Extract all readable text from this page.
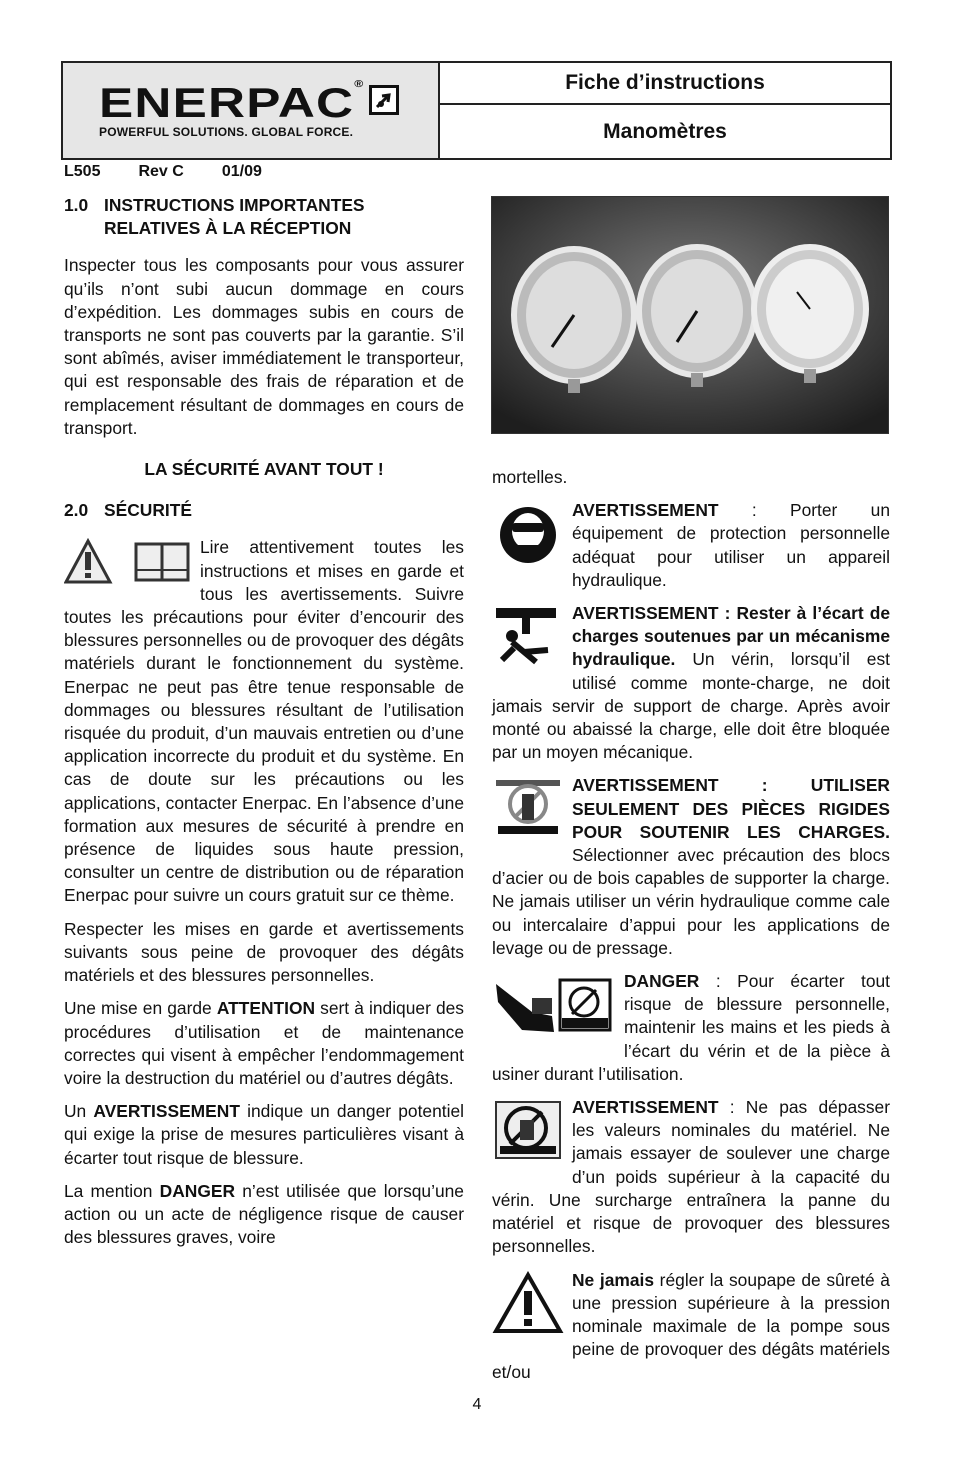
ENERPAC®
POWERFUL SOLUTIONS. GLOBAL FORCE.
Fiche d’instructions
Manomètres
L505 Rev C 01/09
1.0 INSTRUCTIONS IMPORTANTES RELATIVES À LA RÉCEPTION

Inspecter tous les composants pour vous assurer qu’ils n’ont subi aucun dommage en cours d’expédition. Les dommages subis en cours de transports ne sont pas couverts par la garantie. S’il sont abîmés, aviser immédiatement le transporteur, qui est responsable des frais de réparation et de remplacement résultant de dommages en cours de transport.

LA SÉCURITÉ AVANT TOUT !
2.0 SÉCURITÉ

Lire attentivement toutes les instructions et mises en garde et tous les avertissements. Suivre toutes les précautions pour éviter d’encourir des blessures personnelles ou de provoquer des dégâts matériels durant le fonctionnement du système. Enerpac ne peut pas être tenue responsable de dommages ou blessures résultant de l’utilisation risquée du produit, d’un mauvais entretien ou d’une application incorrecte du produit et du système. En cas de doute sur les précautions ou les applications, contacter Enerpac. En l’absence d’une formation aux mesures de sécurité à prendre en présence de liquides sous haute pression, consulter un centre de distribution ou de réparation Enerpac pour suivre un cours gratuit sur ce thème.

Respecter les mises en garde et avertissements suivants sous peine de provoquer des dégâts matériels et des blessures personnelles.

Une mise en garde ATTENTION sert à indiquer des procédures d’utilisation et de maintenance correctes qui visent à empêcher l’endommagement voire la destruction du matériel ou d’autres dégâts.

Un AVERTISSEMENT indique un danger potentiel qui exige la prise de mesures particulières visant à écarter tout risque de blessure.

La mention DANGER n’est utilisée que lorsqu’une action ou un acte de négligence risque de causer des blessures graves, voire

mortelles.

AVERTISSEMENT : Porter un équipement de protection personnelle adéquat pour utiliser un appareil hydraulique.

AVERTISSEMENT : Rester à l’écart de charges soutenues par un mécanisme hydraulique. Un vérin, lorsqu’il est utilisé comme monte-charge, ne doit jamais servir de support de charge. Après avoir monté ou abaissé la charge, elle doit être bloquée par un moyen mécanique.

AVERTISSEMENT : UTILISER SEULEMENT DES PIÈCES RIGIDES POUR SOUTENIR LES CHARGES. Sélectionner avec précaution des blocs d’acier ou de bois capables de supporter la charge. Ne jamais utiliser un vérin hydraulique comme cale ou intercalaire d’appui pour les applications de levage ou de pressage.

DANGER : Pour écarter tout risque de blessure personnelle, maintenir les mains et les pieds à l’écart du vérin et de la pièce à usiner durant l’utilisation.

AVERTISSEMENT : Ne pas dépasser les valeurs nominales du matériel. Ne jamais essayer de soulever une charge d’un poids supérieur à la capacité du vérin. Une surcharge entraînera la panne du matériel et risque de provoquer des blessures personnelles.

Ne jamais régler la soupape de sûreté à une pression supérieure à la pression nominale maximale de la pompe sous peine de provoquer des dégâts matériels et/ou

4
